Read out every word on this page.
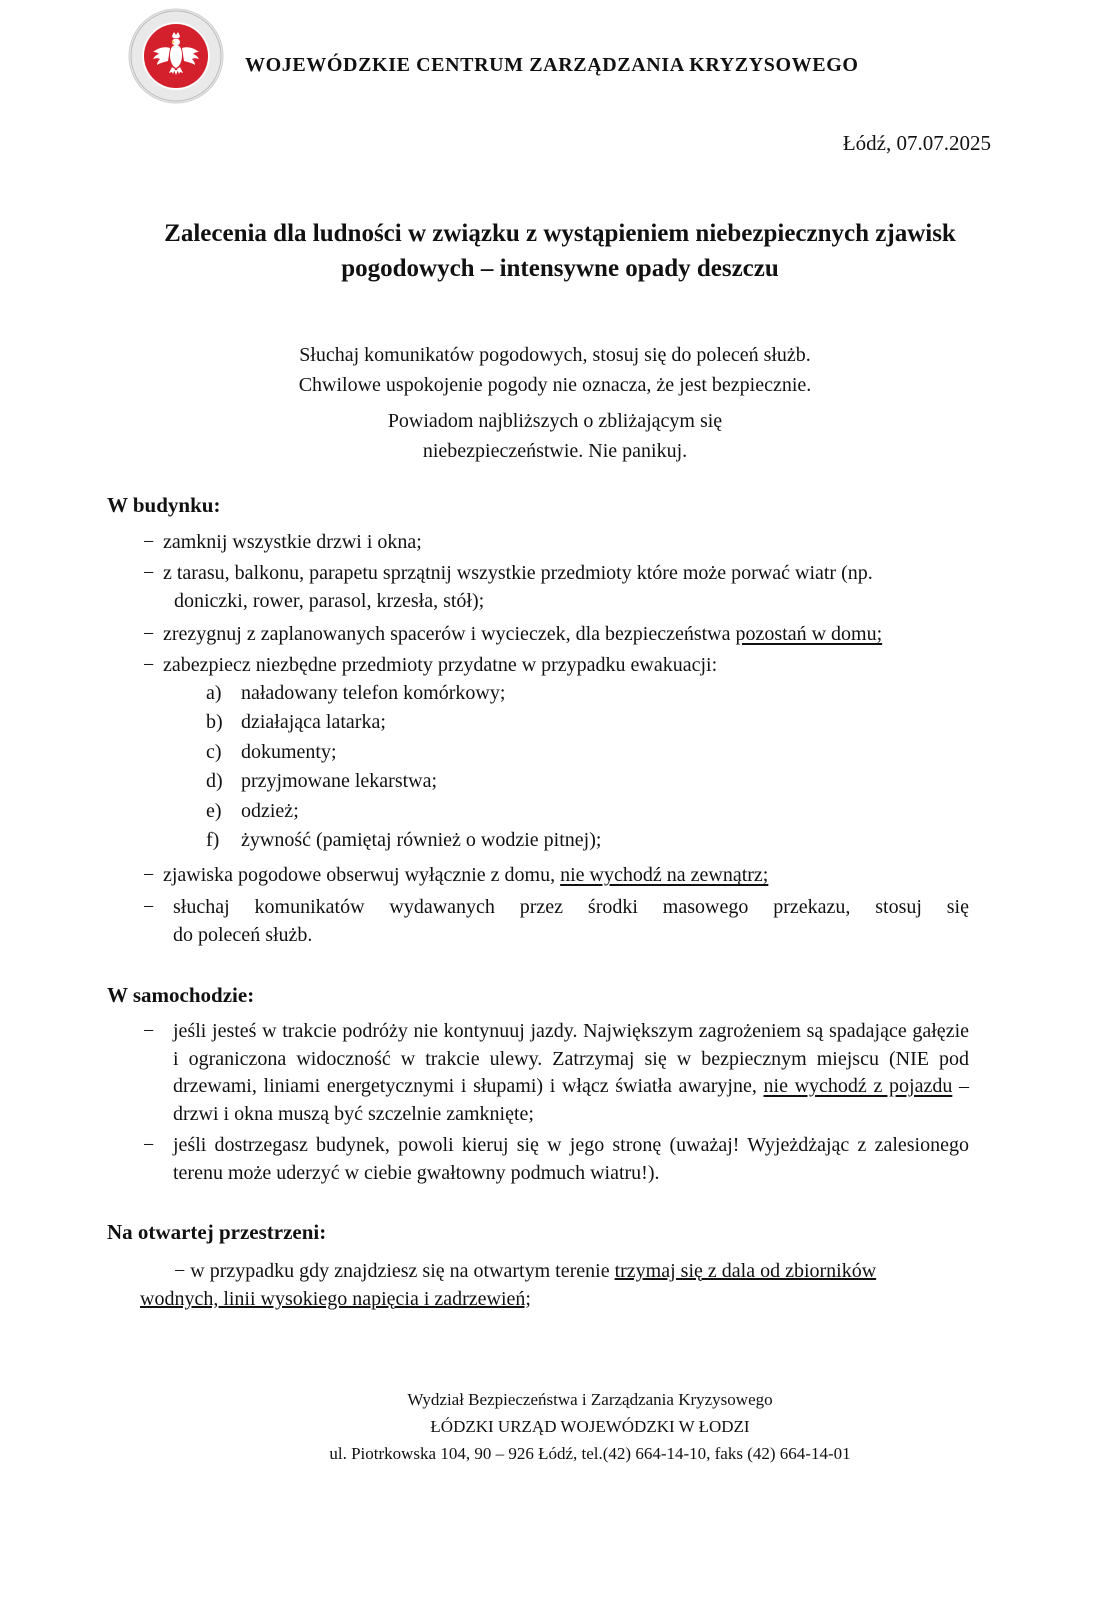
WOJEWÓDZKIE CENTRUM ZARZĄDZANIA KRYZYSOWEGO
Łódź, 07.07.2025
Zalecenia dla ludności w związku z wystąpieniem niebezpiecznych zjawisk
pogodowych – intensywne opady deszczu
Słuchaj komunikatów pogodowych, stosuj się do poleceń służb.
Chwilowe uspokojenie pogody nie oznacza, że jest bezpiecznie.
Powiadom najbliższych o zbliżającym się
niebezpieczeństwie. Nie panikuj.
W budynku:
− zamknij wszystkie drzwi i okna;
− z tarasu, balkonu, parapetu sprzątnij wszystkie przedmioty które może porwać wiatr (np.
doniczki, rower, parasol, krzesła, stół);
− zrezygnuj z zaplanowanych spacerów i wycieczek, dla bezpieczeństwa pozostań w domu;
− zabezpiecz niezbędne przedmioty przydatne w przypadku ewakuacji:
a) naładowany telefon komórkowy;
b) działająca latarka;
c) dokumenty;
d) przyjmowane lekarstwa;
e) odzież;
f) żywność (pamiętaj również o wodzie pitnej);
− zjawiska pogodowe obserwuj wyłącznie z domu, nie wychodź na zewnątrz;
− słuchaj komunikatów wydawanych przez środki masowego przekazu, stosuj się
do poleceń służb.
W samochodzie:
− jeśli jesteś w trakcie podróży nie kontynuuj jazdy. Największym zagrożeniem są spadające gałęzie i ograniczona widoczność w trakcie ulewy. Zatrzymaj się w bezpiecznym miejscu (NIE pod drzewami, liniami energetycznymi i słupami) i włącz światła awaryjne, nie wychodź z pojazdu – drzwi i okna muszą być szczelnie zamknięte;
− jeśli dostrzegasz budynek, powoli kieruj się w jego stronę (uważaj! Wyjeżdżając z zalesionego terenu może uderzyć w ciebie gwałtowny podmuch wiatru!).
Na otwartej przestrzeni:
− w przypadku gdy znajdziesz się na otwartym terenie trzymaj się z dala od zbiorników
wodnych, linii wysokiego napięcia i zadrzewień;
Wydział Bezpieczeństwa i Zarządzania Kryzysowego
ŁÓDZKI URZĄD WOJEWÓDZKI W ŁODZI
ul. Piotrkowska 104, 90 – 926 Łódź, tel.(42) 664-14-10, faks (42) 664-14-01
